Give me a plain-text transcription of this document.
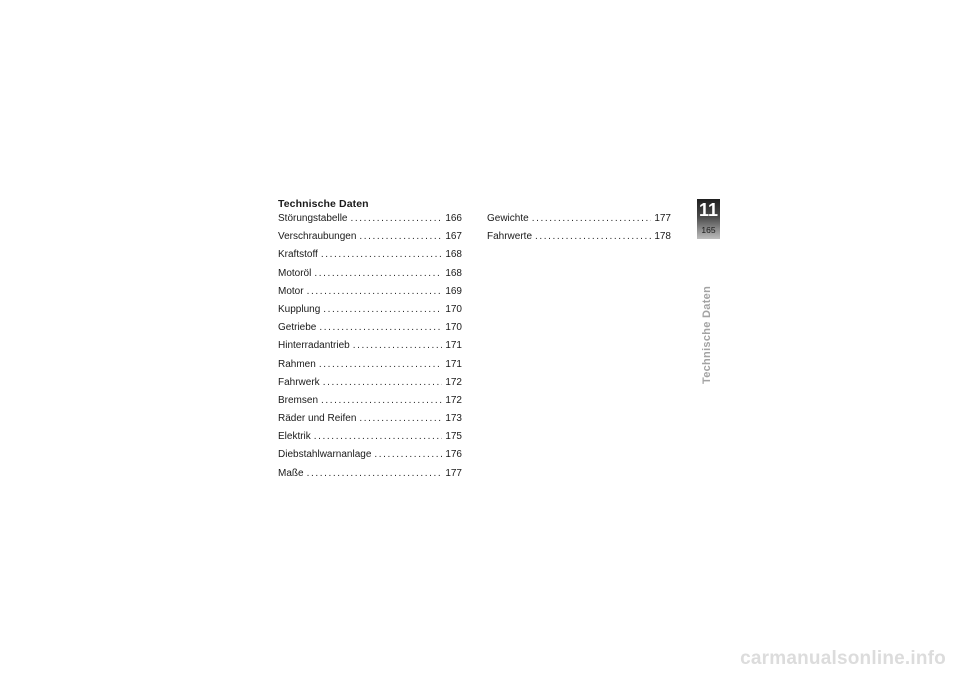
Technische Daten
Störungstabelle .....	166
Verschraubungen .....	167
Kraftstoff .....	168
Motoröl .....	168
Motor .....	169
Kupplung .....	170
Getriebe .....	170
Hinterradantrieb .....	171
Rahmen .....	171
Fahrwerk .....	172
Bremsen .....	172
Räder und Reifen .....	173
Elektrik .....	175
Diebstahlwarnanlage .....	176
Maße .....	177
Gewichte .....	177
Fahrwerte .....	178
11
165
Technische Daten
carmanualsonline.info
